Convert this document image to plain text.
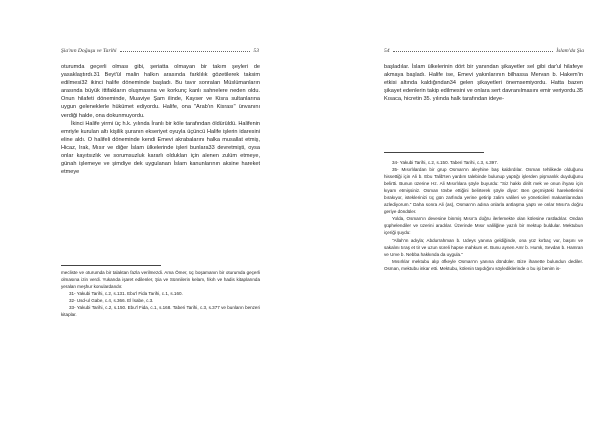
Şia'nın Doğuşu ve Tarihi	53

oturumda geçerli olması gibi, şeriatta olmayan bir takım şeyleri de yasaklaştırdı.31 Beyt'ül malin halkın arasında farklılık gözetilerek taksim edilmesi32 ikinci halife döneminde başladı. Bu tavır sonraları Müslümanların arasında büyük ittifakların oluşmasına ve korkunç kanlı sahnelere neden oldu. Onun hilafeti döneminde, Muaviye Şam ilinde, Kayser ve Kisra sultanlarına uygun geleneklerle hükümet ediyordu. Halife, ona "Arab'ın Kisrası" ünvanını verdiği halde, ona dokunmuyordu.

İkinci Halife yirmi üç h.k. yılında İranlı bir köle tarafından öldürüldü. Halifenin emriyle kurulan altı kişilik şuranın ekseriyet oyuyla üçüncü Halife işlerin idaresini eline aldı. O halifeli döneminde kendi Emevi akrabalarını halka musallat etmiş, Hicaz, Irak, Mısır ve diğer İslam ülkelerinde işleri bunlara33 devretmişti, oysa onlar kayıtsızlık ve sorumsuzluk kararlı oldukları için alenen zulüm etmeye, günah işlemeye ve şimdiye dek uygulanan İslam kanunlarının aksine hareket etmeye

mecliste ve oturumda bir talaktan fazla verilmezdi. Ama Ömer, üç boşamanın bir oturumda geçerli olmasına izin verdi. Yukarıda işaret edilenler, Şia ve Sünnilerin kelam, fıkıh ve hadis kitaplarında yeralan meşhur konulardandır.

31- Yakubi Tarihi, c.2, s.131. Ebu'l Fida Tarihi, c.1, s.160.

32- Usd-ul Gabe, c.4, s.366. El İsabe, c.3.

33- Yakubi Tarihi, c.2, s.150. Ebu'l Fida, c.1, s.168. Taberi Tarihi, c.3, s.377 ve bunların benzeri kitaplar.

54	İslam'da Şia

başladılar. İslam ülkelerinin dört bir yanından şikayetler sel gibi dar'ul hilafeye akmaya başladı. Halife ise, Emevi yakınlarının bilhassa Mervan b. Hakem'in etkisi altında kaldığından34 gelen şikayetleri önemsemiyordu. Hatta bazen şikayet edenlerin takip edilmesini ve onlara sert davranılmasını emir veriyordu.35 Kısaca, hicretin 35. yılında halk tarafından ideye-

34- Yakubi Tarihi, c.2, s.150. Taberi Tarihi, c.3, s.397.

35- Mısırlılardan bir grup Osman'ın aleyhine baş kaldırdılar. Osman tehlikede olduğunu hissettiği için Ali b. Ebu Talib'ten yardım talebinde bulunup yaptığı işlerden pişmanlık duyduğunu belirtti. Bunun üzerine Hz. Ali Mısırlılara şöyle buyurdu: "Siz hakkı dirilt mek ve onun ihyası için kıyam etmişsiniz. Osman tövbe ettiğini belirterek şöyle diyor: Ben geçmişteki hareketlerimi bırakıyor, isteklerinizi üç gün zarfında yerine getirip zalim valileri ve yöneticileri makamlarından azlediyorum." Daha sonra Ali (as), Osman'ın adına onlarla antlaşma yaptı ve onlar Mısır'a doğru geriye döndüler.

Yolda, Osman'ın devesine binmiş Mısır'a doğru ilerlemekte olan kölesine rastladılar. Ondan şüphelendiler ve üzerini aradılar. Üzerinde Mısır valiliğine yazılı bir mektup buldular. Mektubun içeriği şuydu:

"Allah'ın adıyla; Abdurrahman b. Udeys yanına geldiğinde, ona yüz kırbaç vur, başını ve sakalını tıraş et tir ve uzun süreli hapse mahkum et. Bunu aynen Amr b. Humk, Sevdan b. Hamran ve Urve b. Nebba hakkında da uygula."

Mısırlılar mektubu alıp öfkeyle Osman'ın yanına döndüler. Bize ihanette bulundun dediler. Osman, mektubu inkar etti. Mektubu, kölenin taşıdığını söylediklerinde o bu işi benim is-
